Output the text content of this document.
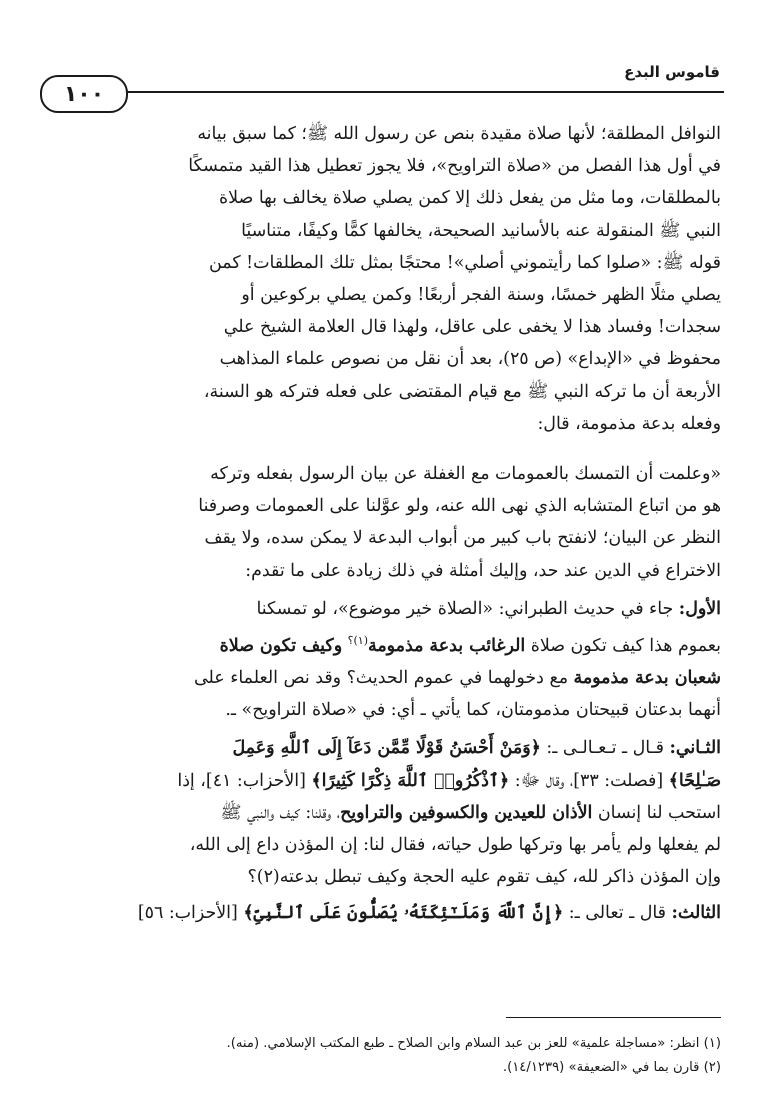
١٠٠
قاموس البدع

النوافل المطلقة؛ لأنها صلاة مقيدة بنص عن رسول الله ﷺ؛ كما سبق بيانه

في أول هذا الفصل من «صلاة التراويح»، فلا يجوز تعطيل هذا القيد متمسكًا

بالمطلقات، وما مثل من يفعل ذلك إلا كمن يصلي صلاة يخالف بها صلاة

النبي ﷺ المنقولة عنه بالأسانيد الصحيحة، يخالفها كمًّا وكيفًا، متناسيًا

قوله ﷺ: «صلوا كما رأيتموني أصلي»! محتجًا بمثل تلك المطلقات! كمن

يصلي مثلًا الظهر خمسًا، وسنة الفجر أربعًا! وكمن يصلي بركوعين أو

سجدات! وفساد هذا لا يخفى على عاقل، ولهذا قال العلامة الشيخ علي

محفوظ في «الإبداع» (ص ٢٥)، بعد أن نقل من نصوص علماء المذاهب

الأربعة أن ما تركه النبي ﷺ مع قيام المقتضى على فعله فتركه هو السنة،

وفعله بدعة مذمومة، قال:

«وعلمت أن التمسك بالعمومات مع الغفلة عن بيان الرسول بفعله وتركه

هو من اتباع المتشابه الذي نهى الله عنه، ولو عوَّلنا على العمومات وصرفنا

النظر عن البيان؛ لانفتح باب كبير من أبواب البدعة لا يمكن سده، ولا يقف

الاختراع في الدين عند حد، وإليك أمثلة في ذلك زيادة على ما تقدم:

الأول: جاء في حديث الطبراني: «الصلاة خير موضوع»، لو تمسكنا

بعموم هذا كيف تكون صلاة الرغائب بدعة مذمومة$^{(١)؟}$ وكيف تكون صلاة

شعبان بدعة مذمومة مع دخولهما في عموم الحديث؟ وقد نص العلماء على

أنهما بدعتان قبيحتان مذمومتان، كما يأتي ـ أي: في «صلاة التراويح» ـ.

الثـاني: قـال ـ تـعـالـى ـ: ﴿وَمَنْ أَحْسَنُ قَوْلًا مِّمَّن دَعَآ إِلَى ٱللَّهِ وَعَمِلَ

صَـٰلِحًا﴾ [فصلت: ٣٣]، وقال ﷻ: ﴿ٱذْكُرُوا۟ ٱللَّهَ ذِكْرًا كَثِيرًا﴾ [الأحزاب: ٤١]، إذا

استحب لنا إنسان الأذان للعيدين والكسوفين والتراويح، وقلنا: كيف والنبي ﷺ

لم يفعلها ولم يأمر بها وتركها طول حياته، فقال لنا: إن المؤذن داع إلى الله،

وإن المؤذن ذاكر لله، كيف تقوم عليه الحجة وكيف تبطل بدعته(٢)؟

الثالث: قال ـ تعالى ـ: ﴿إِنَّ ٱللَّهَ وَمَلَـٰٓئِكَتَهُۥ يُصَلُّونَ عَلَى ٱلنَّبِىِّ﴾ [الأحزاب: ٥٦]

(١) انظر: «مساجلة علمية» للعز بن عبد السلام وابن الصلاح ـ طبع المكتب الإسلامي. (منه).

(٢) قارن بما في «الضعيفة» (١٤/١٢٣٩).
